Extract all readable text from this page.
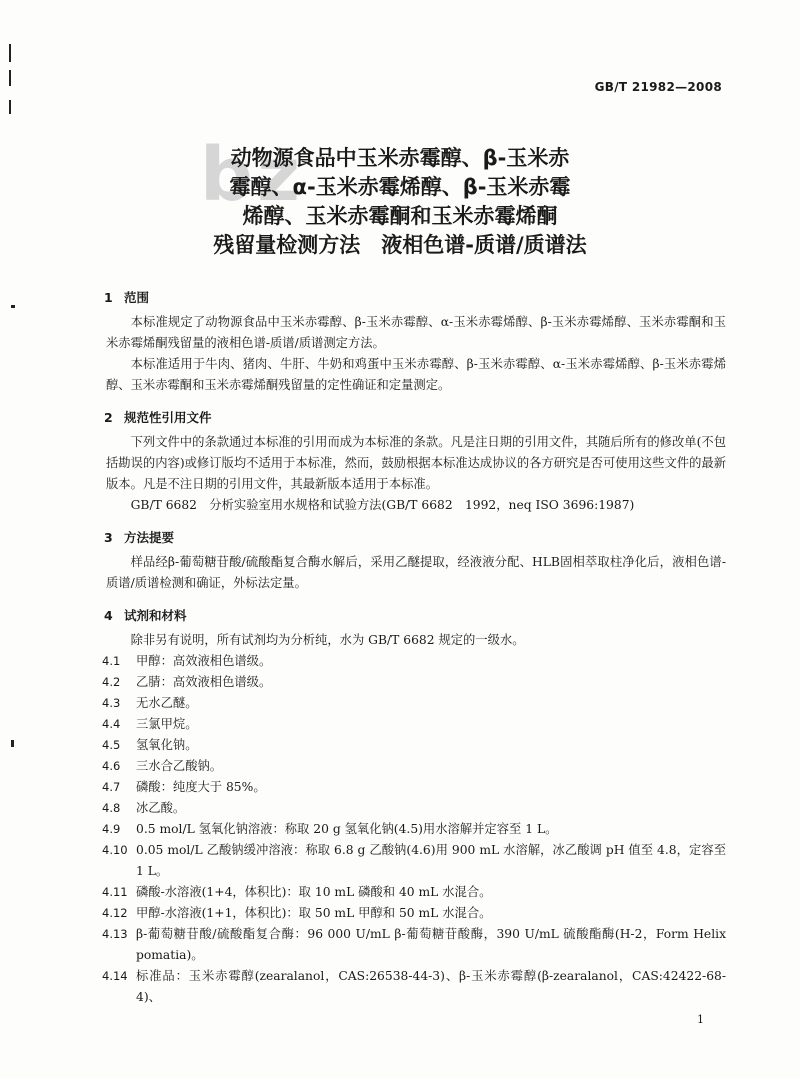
GB/T 21982—2008
bz
动物源食品中玉米赤霉醇、β-玉米赤
霉醇、α-玉米赤霉烯醇、β-玉米赤霉
烯醇、玉米赤霉酮和玉米赤霉烯酮
残留量检测方法　液相色谱-质谱/质谱法
1 范围

本标准规定了动物源食品中玉米赤霉醇、β-玉米赤霉醇、α-玉米赤霉烯醇、β-玉米赤霉烯醇、玉米赤霉酮和玉米赤霉烯酮残留量的液相色谱-质谱/质谱测定方法。

本标准适用于牛肉、猪肉、牛肝、牛奶和鸡蛋中玉米赤霉醇、β-玉米赤霉醇、α-玉米赤霉烯醇、β-玉米赤霉烯醇、玉米赤霉酮和玉米赤霉烯酮残留量的定性确证和定量测定。

2 规范性引用文件

下列文件中的条款通过本标准的引用而成为本标准的条款。凡是注日期的引用文件，其随后所有的修改单(不包括勘误的内容)或修订版均不适用于本标准，然而，鼓励根据本标准达成协议的各方研究是否可使用这些文件的最新版本。凡是不注日期的引用文件，其最新版本适用于本标准。

GB/T 6682　分析实验室用水规格和试验方法(GB/T 6682　1992，neq ISO 3696:1987)
3 方法提要

样品经β-葡萄糖苷酸/硫酸酯复合酶水解后，采用乙醚提取，经液液分配、HLB固相萃取柱净化后，液相色谱-质谱/质谱检测和确证，外标法定量。

4 试剂和材料

除非另有说明，所有试剂均为分析纯，水为 GB/T 6682 规定的一级水。

4.1	甲醇：高效液相色谱级。
4.2	乙腈：高效液相色谱级。
4.3	无水乙醚。
4.4	三氯甲烷。
4.5	氢氧化钠。
4.6	三水合乙酸钠。
4.7	磷酸：纯度大于 85%。
4.8	冰乙酸。
4.9	0.5 mol/L 氢氧化钠溶液：称取 20 g 氢氧化钠(4.5)用水溶解并定容至 1 L。
4.10 0.05 mol/L 乙酸钠缓冲溶液：称取 6.8 g 乙酸钠(4.6)用 900 mL 水溶解，冰乙酸调 pH 值至 4.8，定容至 1 L。
4.11 磷酸-水溶液(1+4，体积比)：取 10 mL 磷酸和 40 mL 水混合。
4.12 甲醇-水溶液(1+1，体积比)：取 50 mL 甲醇和 50 mL 水混合。
4.13 β-葡萄糖苷酸/硫酸酯复合酶：96 000 U/mL β-葡萄糖苷酸酶，390 U/mL 硫酸酯酶(H-2，Form Helix pomatia)。
4.14 标准品：玉米赤霉醇(zearalanol，CAS:26538-44-3)、β-玉米赤霉醇(β-zearalanol，CAS:42422-68-4)、
1
